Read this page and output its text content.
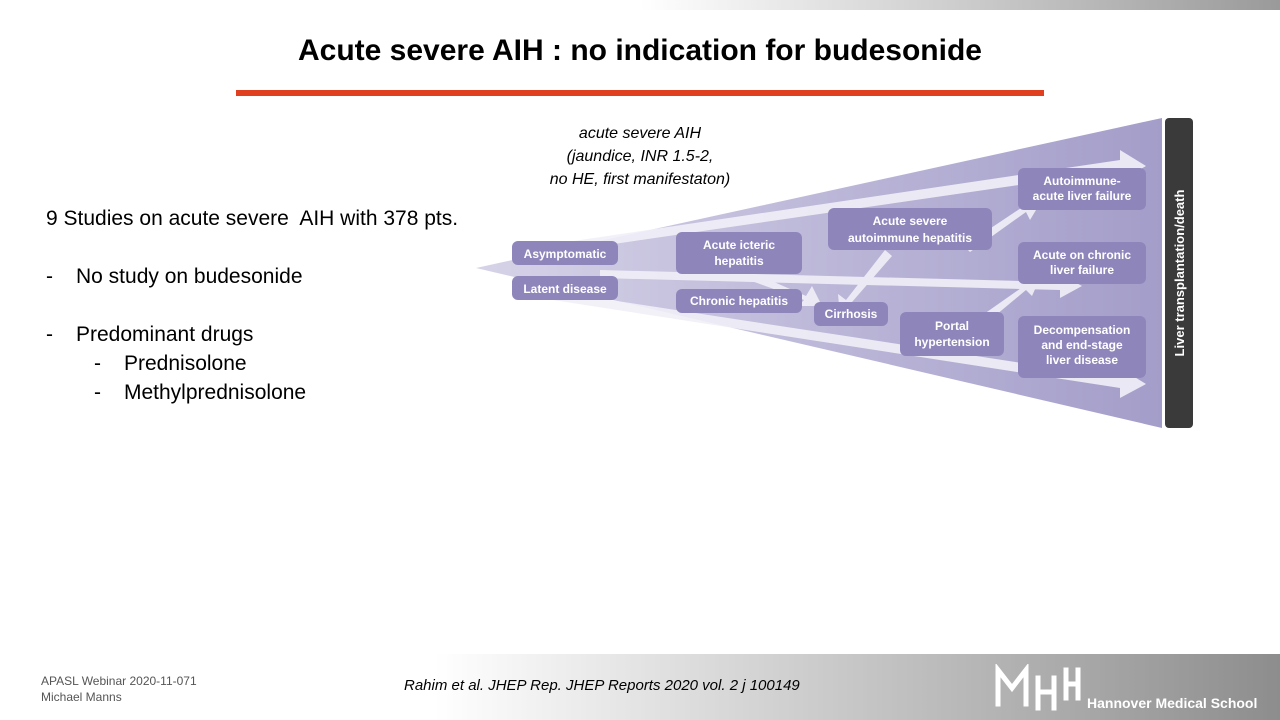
Acute severe AIH : no indication for budesonide
acute severe AIH
(jaundice, INR 1.5-2,
no HE, first manifestaton)
9 Studies on acute severe  AIH with 378 pts.
-	No study on budesonide
-	Predominant drugs
-	Prednisolone
-	Methylprednisolone
Asymptomatic
Latent disease
Acute icteric
hepatitis
Chronic hepatitis
Acute severe
autoimmune hepatitis
Cirrhosis
Portal
hypertension
Autoimmune-
acute liver failure
Acute on chronic
liver failure
Decompensation
and end-stage
liver disease
Liver transplantation/death
APASL Webinar 2020-11-071
Michael Manns
Rahim et al. JHEP Rep. JHEP Reports 2020 vol. 2 j 100149
Hannover Medical School
